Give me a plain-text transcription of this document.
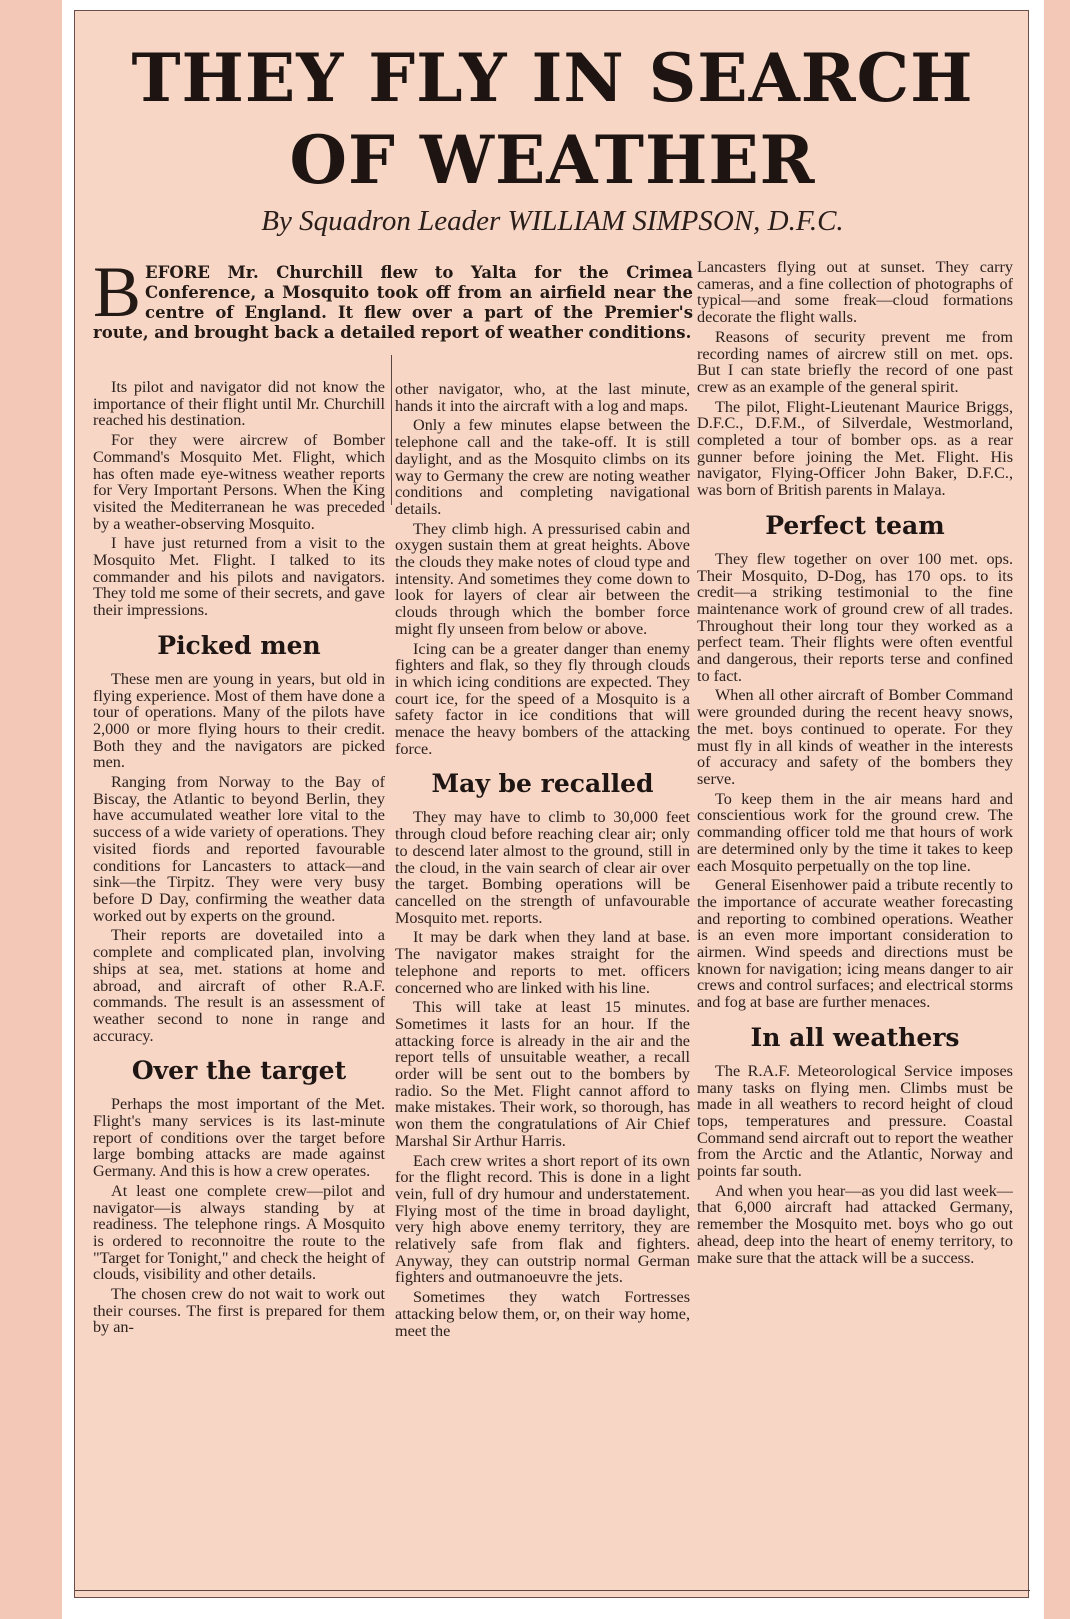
THEY FLY IN SEARCH
OF WEATHER

By Squadron Leader WILLIAM SIMPSON, D.F.C.

B EFORE Mr. Churchill flew to Yalta for the Crimea Conference, a Mosquito took off from an airfield near the centre of England. It flew over a part of the Premier's route, and brought back a detailed report of weather conditions.

Its pilot and navigator did not know the importance of their flight until Mr. Churchill reached his destination.

For they were aircrew of Bomber Command's Mosquito Met. Flight, which has often made eye-witness weather reports for Very Important Persons. When the King visited the Mediterranean he was preceded by a weather-observing Mosquito.

I have just returned from a visit to the Mosquito Met. Flight. I talked to its commander and his pilots and navigators. They told me some of their secrets, and gave their impressions.

Picked men

These men are young in years, but old in flying experience. Most of them have done a tour of operations. Many of the pilots have 2,000 or more flying hours to their credit. Both they and the navigators are picked men.

Ranging from Norway to the Bay of Biscay, the Atlantic to beyond Berlin, they have accumulated weather lore vital to the success of a wide variety of operations. They visited fiords and reported favourable conditions for Lancasters to attack—and sink—the Tirpitz. They were very busy before D Day, confirming the weather data worked out by experts on the ground.

Their reports are dovetailed into a complete and complicated plan, involving ships at sea, met. stations at home and abroad, and aircraft of other R.A.F. commands. The result is an assessment of weather second to none in range and accuracy.

Over the target

Perhaps the most important of the Met. Flight's many services is its last-minute report of conditions over the target before large bombing attacks are made against Germany. And this is how a crew operates.

At least one complete crew—pilot and navigator—is always standing by at readiness. The telephone rings. A Mosquito is ordered to reconnoitre the route to the "Target for Tonight," and check the height of clouds, visibility and other details.

The chosen crew do not wait to work out their courses. The first is prepared for them by an-

other navigator, who, at the last minute, hands it into the aircraft with a log and maps.

Only a few minutes elapse between the telephone call and the take-off. It is still daylight, and as the Mosquito climbs on its way to Germany the crew are noting weather conditions and completing navigational details.

They climb high. A pressurised cabin and oxygen sustain them at great heights. Above the clouds they make notes of cloud type and intensity. And sometimes they come down to look for layers of clear air between the clouds through which the bomber force might fly unseen from below or above.

Icing can be a greater danger than enemy fighters and flak, so they fly through clouds in which icing conditions are expected. They court ice, for the speed of a Mosquito is a safety factor in ice conditions that will menace the heavy bombers of the attacking force.

May be recalled

They may have to climb to 30,000 feet through cloud before reaching clear air; only to descend later almost to the ground, still in the cloud, in the vain search of clear air over the target. Bombing operations will be cancelled on the strength of unfavourable Mosquito met. reports.

It may be dark when they land at base. The navigator makes straight for the telephone and reports to met. officers concerned who are linked with his line.

This will take at least 15 minutes. Sometimes it lasts for an hour. If the attacking force is already in the air and the report tells of unsuitable weather, a recall order will be sent out to the bombers by radio. So the Met. Flight cannot afford to make mistakes. Their work, so thorough, has won them the congratulations of Air Chief Marshal Sir Arthur Harris.

Each crew writes a short report of its own for the flight record. This is done in a light vein, full of dry humour and understatement. Flying most of the time in broad daylight, very high above enemy territory, they are relatively safe from flak and fighters. Anyway, they can outstrip normal German fighters and outmanoeuvre the jets.

Sometimes they watch Fortresses attacking below them, or, on their way home, meet the

Lancasters flying out at sunset. They carry cameras, and a fine collection of photographs of typical—and some freak—cloud formations decorate the flight walls.

Reasons of security prevent me from recording names of aircrew still on met. ops. But I can state briefly the record of one past crew as an example of the general spirit.

The pilot, Flight-Lieutenant Maurice Briggs, D.F.C., D.F.M., of Silverdale, Westmorland, completed a tour of bomber ops. as a rear gunner before joining the Met. Flight. His navigator, Flying-Officer John Baker, D.F.C., was born of British parents in Malaya.

Perfect team

They flew together on over 100 met. ops. Their Mosquito, D-Dog, has 170 ops. to its credit—a striking testimonial to the fine maintenance work of ground crew of all trades. Throughout their long tour they worked as a perfect team. Their flights were often eventful and dangerous, their reports terse and confined to fact.

When all other aircraft of Bomber Command were grounded during the recent heavy snows, the met. boys continued to operate. For they must fly in all kinds of weather in the interests of accuracy and safety of the bombers they serve.

To keep them in the air means hard and conscientious work for the ground crew. The commanding officer told me that hours of work are determined only by the time it takes to keep each Mosquito perpetually on the top line.

General Eisenhower paid a tribute recently to the importance of accurate weather forecasting and reporting to combined operations. Weather is an even more important consideration to airmen. Wind speeds and directions must be known for navigation; icing means danger to air crews and control surfaces; and electrical storms and fog at base are further menaces.

In all weathers

The R.A.F. Meteorological Service imposes many tasks on flying men. Climbs must be made in all weathers to record height of cloud tops, temperatures and pressure. Coastal Command send aircraft out to report the weather from the Arctic and the Atlantic, Norway and points far south.

And when you hear—as you did last week—that 6,000 aircraft had attacked Germany, remember the Mosquito met. boys who go out ahead, deep into the heart of enemy territory, to make sure that the attack will be a success.
